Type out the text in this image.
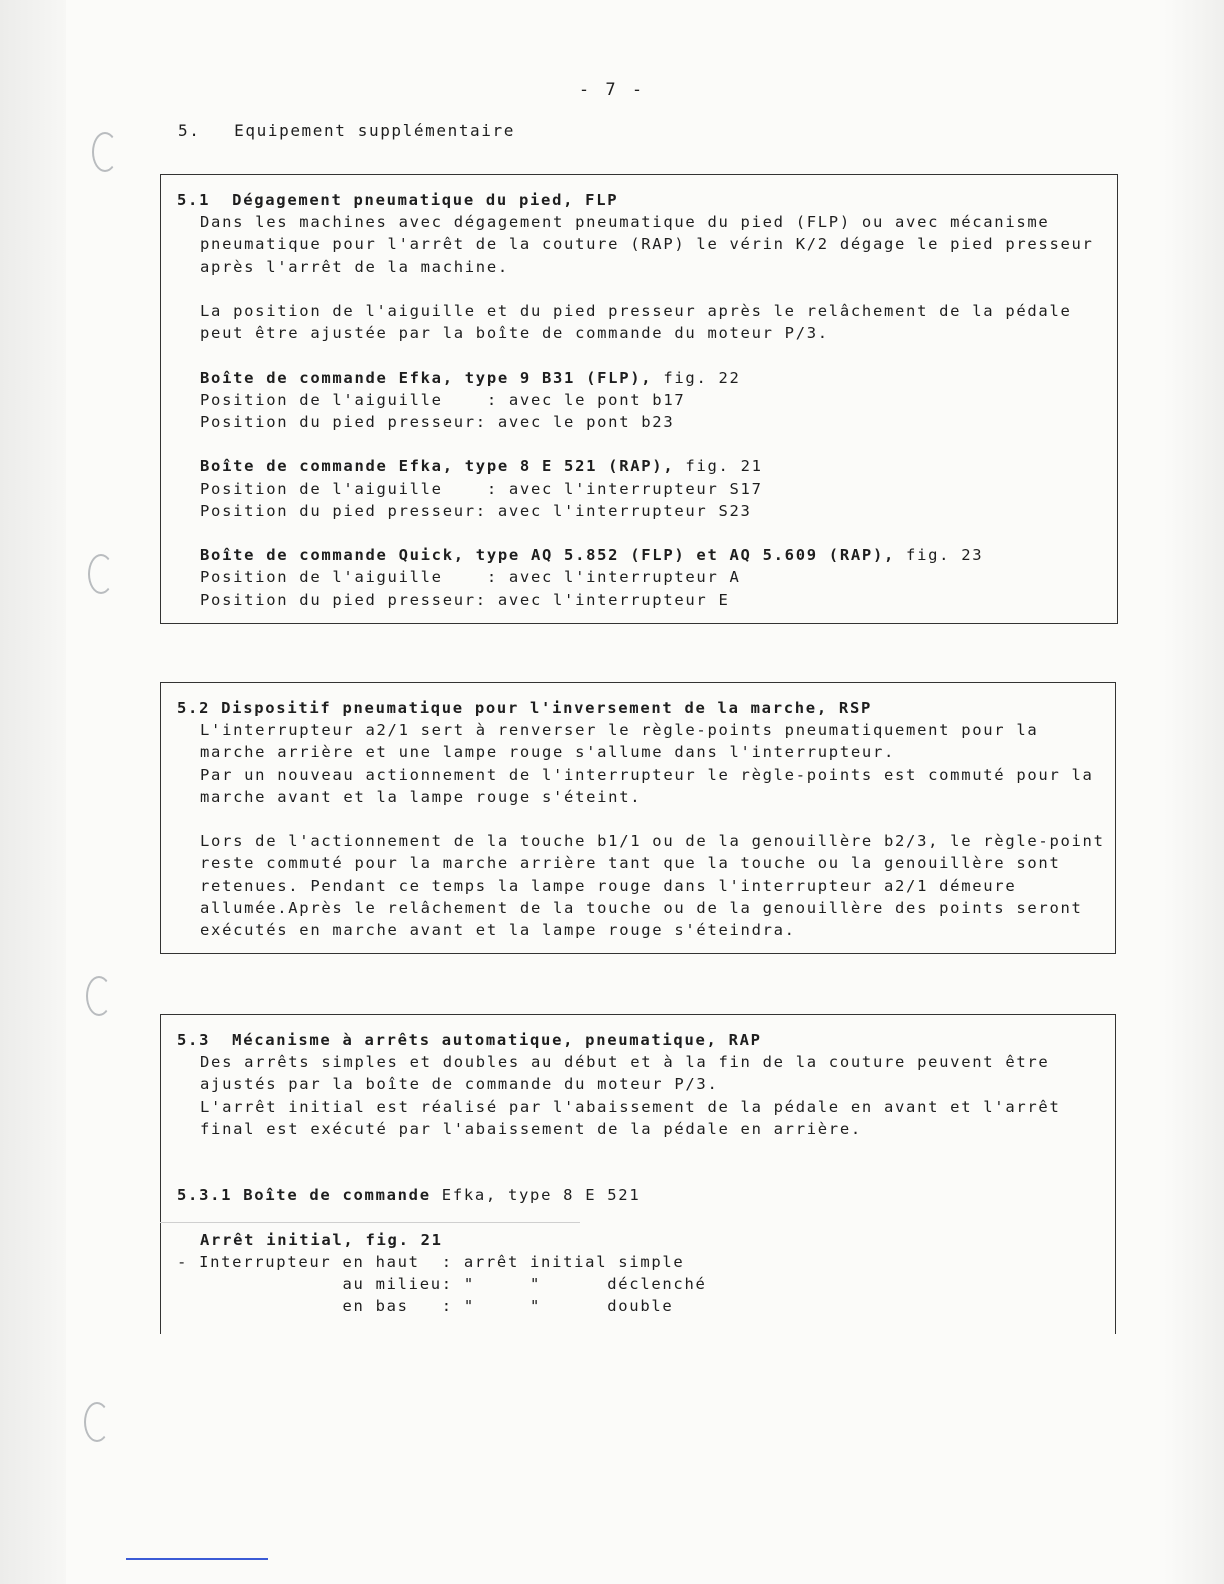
- 7 -
5.   Equipement supplémentaire
5.1  Dégagement pneumatique du pied, FLP
Dans les machines avec dégagement pneumatique du pied (FLP) ou avec mécanisme
pneumatique pour l'arrêt de la couture (RAP) le vérin K/2 dégage le pied presseur
après l'arrêt de la machine.
La position de l'aiguille et du pied presseur après le relâchement de la pédale
peut être ajustée par la boîte de commande du moteur P/3.
Boîte de commande Efka, type 9 B31 (FLP), fig. 22
Position de l'aiguille    : avec le pont b17
Position du pied presseur: avec le pont b23
Boîte de commande Efka, type 8 E 521 (RAP), fig. 21
Position de l'aiguille    : avec l'interrupteur S17
Position du pied presseur: avec l'interrupteur S23
Boîte de commande Quick, type AQ 5.852 (FLP) et AQ 5.609 (RAP), fig. 23
Position de l'aiguille    : avec l'interrupteur A
Position du pied presseur: avec l'interrupteur E
5.2 Dispositif pneumatique pour l'inversement de la marche, RSP
L'interrupteur a2/1 sert à renverser le règle-points pneumatiquement pour la
marche arrière et une lampe rouge s'allume dans l'interrupteur.
Par un nouveau actionnement de l'interrupteur le règle-points est commuté pour la
marche avant et la lampe rouge s'éteint.
Lors de l'actionnement de la touche b1/1 ou de la genouillère b2/3, le règle-point
reste commuté pour la marche arrière tant que la touche ou la genouillère sont
retenues. Pendant ce temps la lampe rouge dans l'interrupteur a2/1 démeure
allumée.Après le relâchement de la touche ou de la genouillère des points seront
exécutés en marche avant et la lampe rouge s'éteindra.
5.3  Mécanisme à arrêts automatique, pneumatique, RAP
Des arrêts simples et doubles au début et à la fin de la couture peuvent être
ajustés par la boîte de commande du moteur P/3.
L'arrêt initial est réalisé par l'abaissement de la pédale en avant et l'arrêt
final est exécuté par l'abaissement de la pédale en arrière.
5.3.1 Boîte de commande Efka, type 8 E 521
Arrêt initial, fig. 21
- Interrupteur en haut  : arrêt initial simple
au milieu: "     "      déclenché
en bas   : "     "      double
